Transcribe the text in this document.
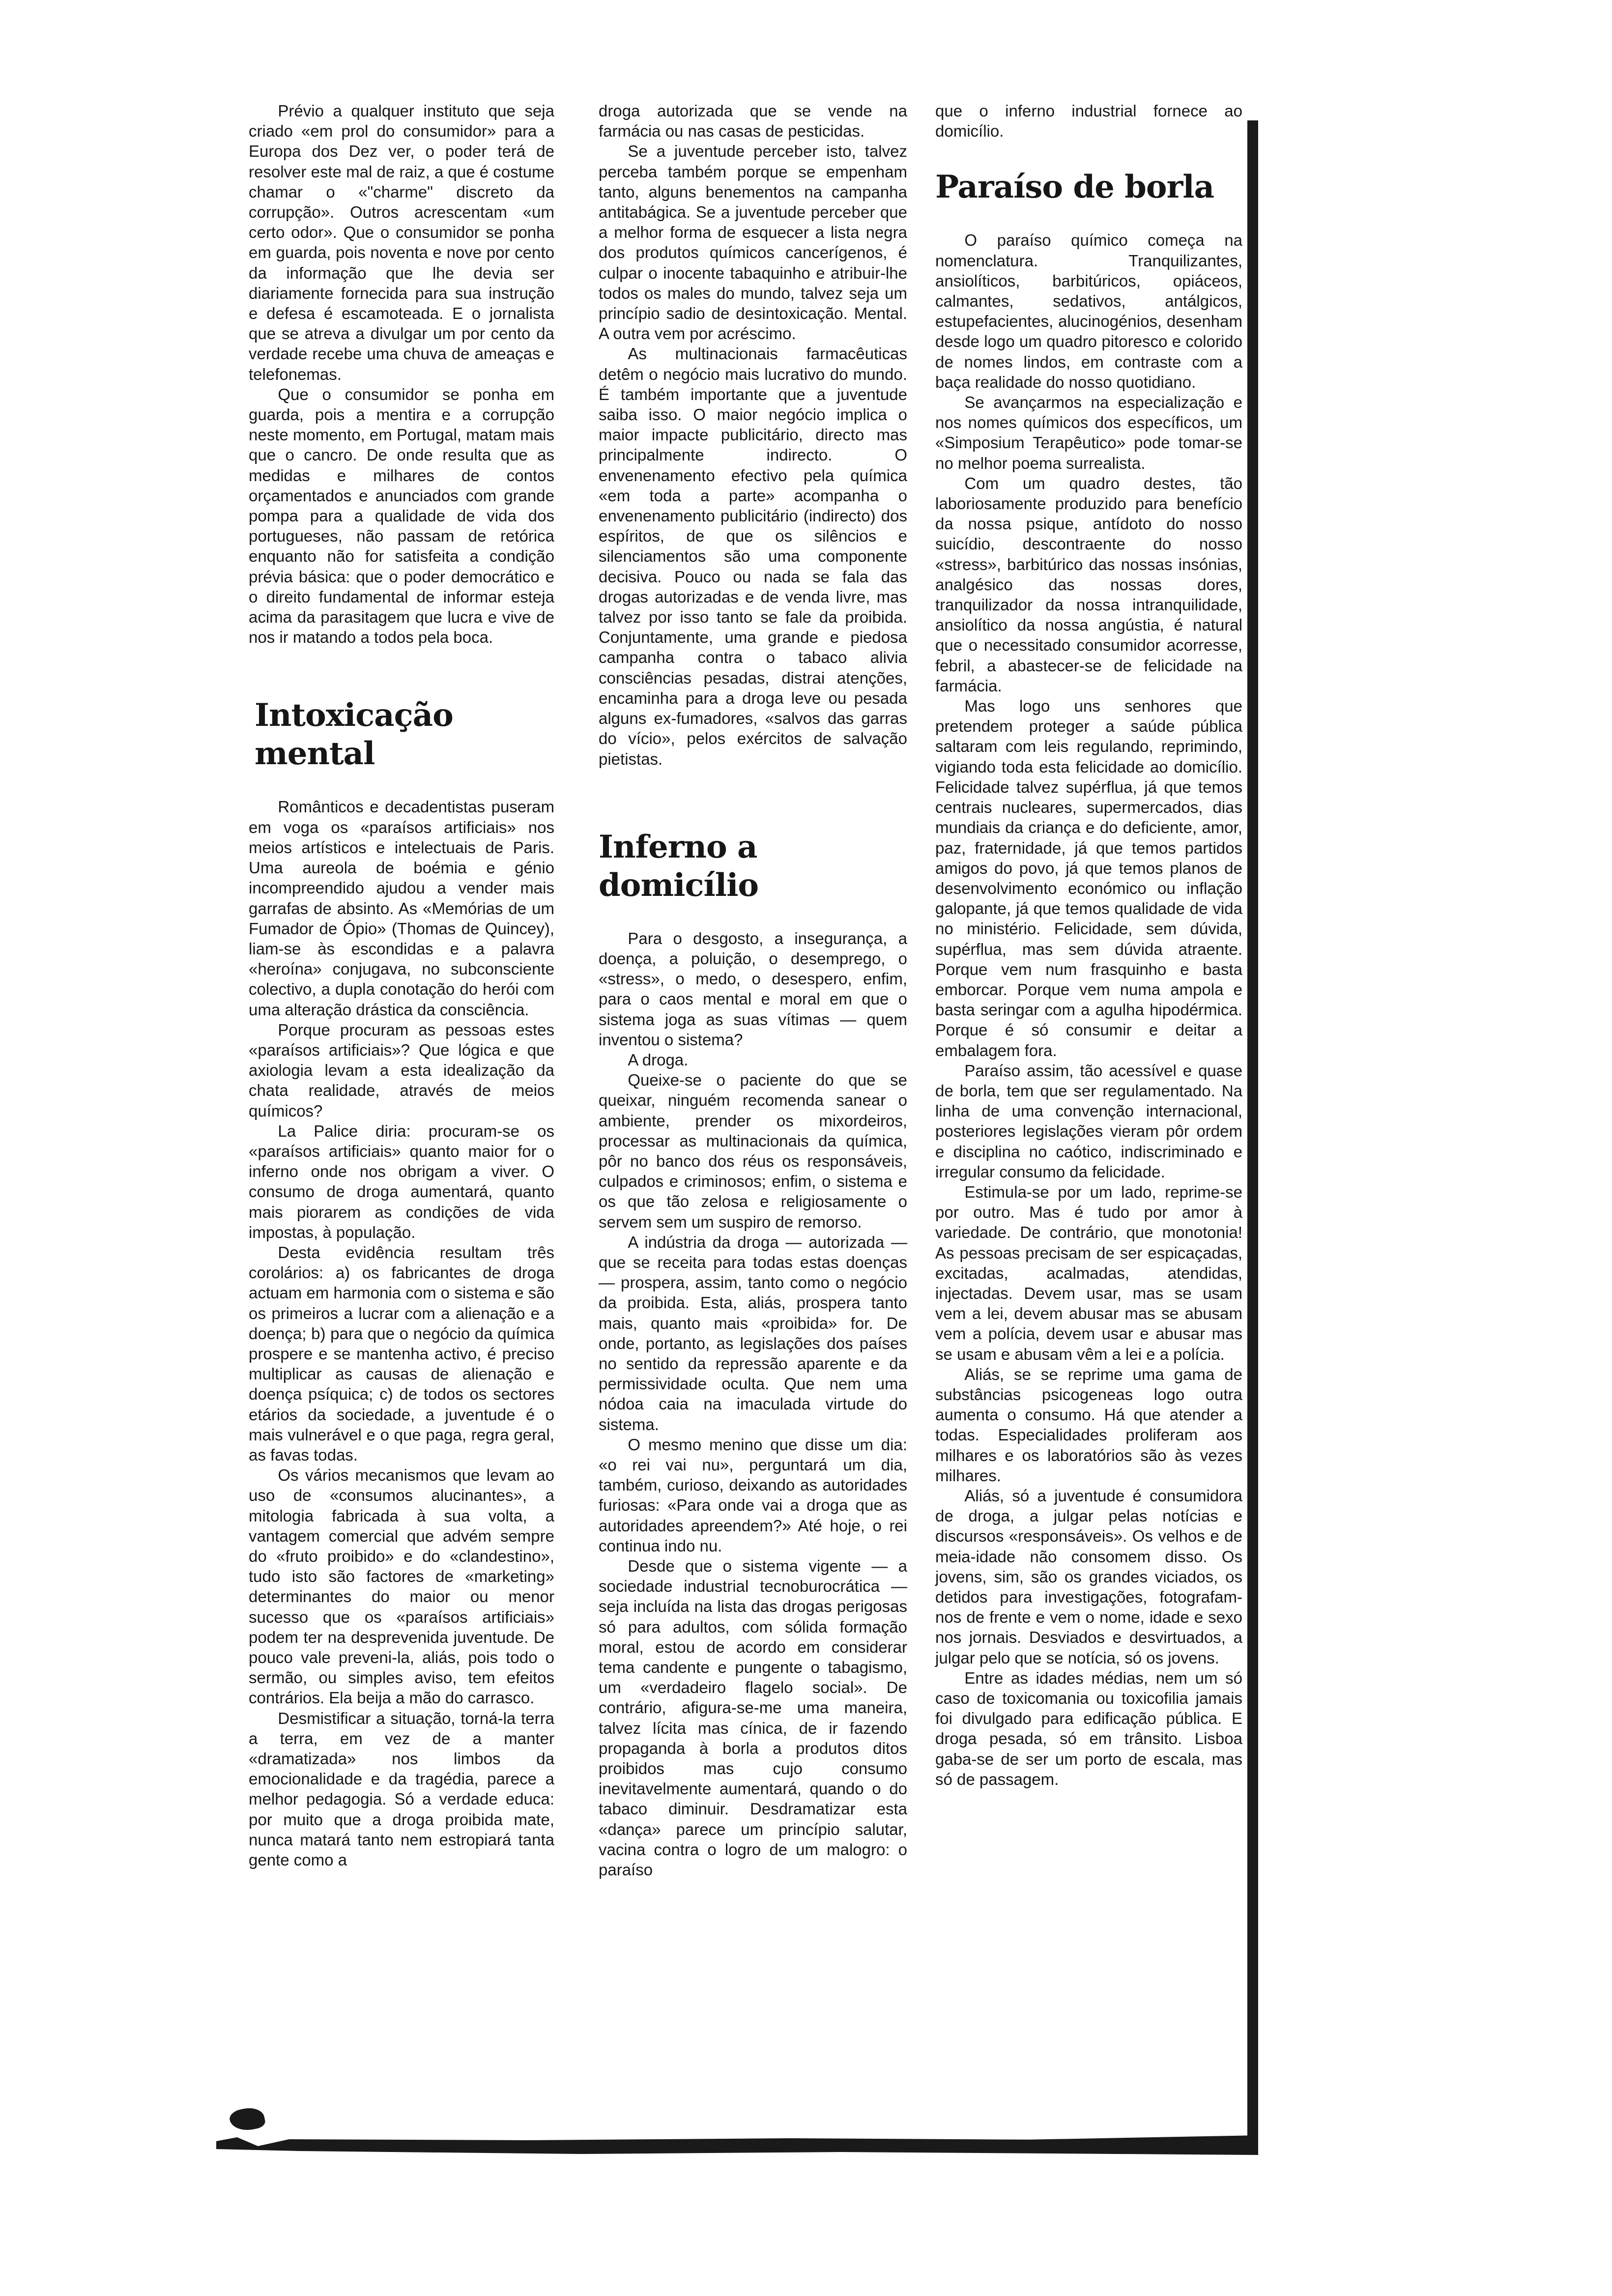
Prévio a qualquer instituto que seja criado «em prol do consumidor» para a Europa dos Dez ver, o poder terá de resolver este mal de raiz, a que é costume chamar o «"charme" discreto da corrupção». Outros acrescentam «um certo odor». Que o consumidor se ponha em guarda, pois noventa e nove por cento da informação que lhe devia ser diariamente fornecida para sua instrução e defesa é escamoteada. E o jornalista que se atreva a divulgar um por cento da verdade recebe uma chuva de ameaças e telefonemas.

Que o consumidor se ponha em guarda, pois a mentira e a corrupção neste momento, em Portugal, matam mais que o cancro. De onde resulta que as medidas e milhares de contos orçamentados e anunciados com grande pompa para a qualidade de vida dos portugueses, não passam de retórica enquanto não for satisfeita a condição prévia básica: que o poder democrático e o direito fundamental de informar esteja acima da parasitagem que lucra e vive de nos ir matando a todos pela boca.

Intoxicação mental

Românticos e decadentistas puseram em voga os «paraísos artificiais» nos meios artísticos e intelectuais de Paris. Uma aureola de boémia e génio incompreendido ajudou a vender mais garrafas de absinto. As «Memórias de um Fumador de Ópio» (Thomas de Quincey), liam-se às escondidas e a palavra «heroína» conjugava, no subconsciente colectivo, a dupla conotação do herói com uma alteração drástica da consciência.

Porque procuram as pessoas estes «paraísos artificiais»? Que lógica e que axiologia levam a esta idealização da chata realidade, através de meios químicos?

La Palice diria: procuram-se os «paraísos artificiais» quanto maior for o inferno onde nos obrigam a viver. O consumo de droga aumentará, quanto mais piorarem as condições de vida impostas, à população.

Desta evidência resultam três corolários: a) os fabricantes de droga actuam em harmonia com o sistema e são os primeiros a lucrar com a alienação e a doença; b) para que o negócio da química prospere e se mantenha activo, é preciso multiplicar as causas de alienação e doença psíquica; c) de todos os sectores etários da sociedade, a juventude é o mais vulnerável e o que paga, regra geral, as favas todas.

Os vários mecanismos que levam ao uso de «consumos alucinantes», a mitologia fabricada à sua volta, a vantagem comercial que advém sempre do «fruto proibido» e do «clandestino», tudo isto são factores de «marketing» determinantes do maior ou menor sucesso que os «paraísos artificiais» podem ter na desprevenida juventude. De pouco vale preveni-la, aliás, pois todo o sermão, ou simples aviso, tem efeitos contrários. Ela beija a mão do carrasco.

Desmistificar a situação, torná-la terra a terra, em vez de a manter «dramatizada» nos limbos da emocionalidade e da tragédia, parece a melhor pedagogia. Só a verdade educa: por muito que a droga proibida mate, nunca matará tanto nem estropiará tanta gente como a

droga autorizada que se vende na farmácia ou nas casas de pesticidas.

Se a juventude perceber isto, talvez perceba também porque se empenham tanto, alguns benementos na campanha antitabágica. Se a juventude perceber que a melhor forma de esquecer a lista negra dos produtos químicos cancerígenos, é culpar o inocente tabaquinho e atribuir-lhe todos os males do mundo, talvez seja um princípio sadio de desintoxicação. Mental. A outra vem por acréscimo.

As multinacionais farmacêuticas detêm o negócio mais lucrativo do mundo. É também importante que a juventude saiba isso. O maior negócio implica o maior impacte publicitário, directo mas principalmente indirecto. O envenenamento efectivo pela química «em toda a parte» acompanha o envenenamento publicitário (indirecto) dos espíritos, de que os silêncios e silenciamentos são uma componente decisiva. Pouco ou nada se fala das drogas autorizadas e de venda livre, mas talvez por isso tanto se fale da proibida. Conjuntamente, uma grande e piedosa campanha contra o tabaco alivia consciências pesadas, distrai atenções, encaminha para a droga leve ou pesada alguns ex-fumadores, «salvos das garras do vício», pelos exércitos de salvação pietistas.

Inferno a domicílio

Para o desgosto, a insegurança, a doença, a poluição, o desemprego, o «stress», o medo, o desespero, enfim, para o caos mental e moral em que o sistema joga as suas vítimas — quem inventou o sistema?

A droga.

Queixe-se o paciente do que se queixar, ninguém recomenda sanear o ambiente, prender os mixordeiros, processar as multinacionais da química, pôr no banco dos réus os responsáveis, culpados e criminosos; enfim, o sistema e os que tão zelosa e religiosamente o servem sem um suspiro de remorso.

A indústria da droga — autorizada — que se receita para todas estas doenças — prospera, assim, tanto como o negócio da proibida. Esta, aliás, prospera tanto mais, quanto mais «proibida» for. De onde, portanto, as legislações dos países no sentido da repressão aparente e da permissividade oculta. Que nem uma nódoa caia na imaculada virtude do sistema.

O mesmo menino que disse um dia: «o rei vai nu», perguntará um dia, também, curioso, deixando as autoridades furiosas: «Para onde vai a droga que as autoridades apreendem?» Até hoje, o rei continua indo nu.

Desde que o sistema vigente — a sociedade industrial tecnoburocrática — seja incluída na lista das drogas perigosas só para adultos, com sólida formação moral, estou de acordo em considerar tema candente e pungente o tabagismo, um «verdadeiro flagelo social». De contrário, afigura-se-me uma maneira, talvez lícita mas cínica, de ir fazendo propaganda à borla a produtos ditos proibidos mas cujo consumo inevitavelmente aumentará, quando o do tabaco diminuir. Desdramatizar esta «dança» parece um princípio salutar, vacina contra o logro de um malogro: o paraíso

que o inferno industrial fornece ao domicílio.

Paraíso de borla

O paraíso químico começa na nomenclatura. Tranquilizantes, ansiolíticos, barbitúricos, opiáceos, calmantes, sedativos, antálgicos, estupefacientes, alucinogénios, desenham desde logo um quadro pitoresco e colorido de nomes lindos, em contraste com a baça realidade do nosso quotidiano.

Se avançarmos na especialização e nos nomes químicos dos específicos, um «Simposium Terapêutico» pode tomar-se no melhor poema surrealista.

Com um quadro destes, tão laboriosamente produzido para benefício da nossa psique, antídoto do nosso suicídio, descontraente do nosso «stress», barbitúrico das nossas insónias, analgésico das nossas dores, tranquilizador da nossa intranquilidade, ansiolítico da nossa angústia, é natural que o necessitado consumidor acorresse, febril, a abastecer-se de felicidade na farmácia.

Mas logo uns senhores que pretendem proteger a saúde pública saltaram com leis regulando, reprimindo, vigiando toda esta felicidade ao domicílio. Felicidade talvez supérflua, já que temos centrais nucleares, supermercados, dias mundiais da criança e do deficiente, amor, paz, fraternidade, já que temos partidos amigos do povo, já que temos planos de desenvolvimento económico ou inflação galopante, já que temos qualidade de vida no ministério. Felicidade, sem dúvida, supérflua, mas sem dúvida atraente. Porque vem num frasquinho e basta emborcar. Porque vem numa ampola e basta seringar com a agulha hipodérmica. Porque é só consumir e deitar a embalagem fora.

Paraíso assim, tão acessível e quase de borla, tem que ser regulamentado. Na linha de uma convenção internacional, posteriores legislações vieram pôr ordem e disciplina no caótico, indiscriminado e irregular consumo da felicidade.

Estimula-se por um lado, reprime-se por outro. Mas é tudo por amor à variedade. De contrário, que monotonia! As pessoas precisam de ser espicaçadas, excitadas, acalmadas, atendidas, injectadas. Devem usar, mas se usam vem a lei, devem abusar mas se abusam vem a polícia, devem usar e abusar mas se usam e abusam vêm a lei e a polícia.

Aliás, se se reprime uma gama de substâncias psicogeneas logo outra aumenta o consumo. Há que atender a todas. Especialidades proliferam aos milhares e os laboratórios são às vezes milhares.

Aliás, só a juventude é consumidora de droga, a julgar pelas notícias e discursos «responsáveis». Os velhos e de meia-idade não consomem disso. Os jovens, sim, são os grandes viciados, os detidos para investigações, fotografam-nos de frente e vem o nome, idade e sexo nos jornais. Desviados e desvirtuados, a julgar pelo que se notícia, só os jovens.

Entre as idades médias, nem um só caso de toxicomania ou toxicofilia jamais foi divulgado para edificação pública. E droga pesada, só em trânsito. Lisboa gaba-se de ser um porto de escala, mas só de passagem.
